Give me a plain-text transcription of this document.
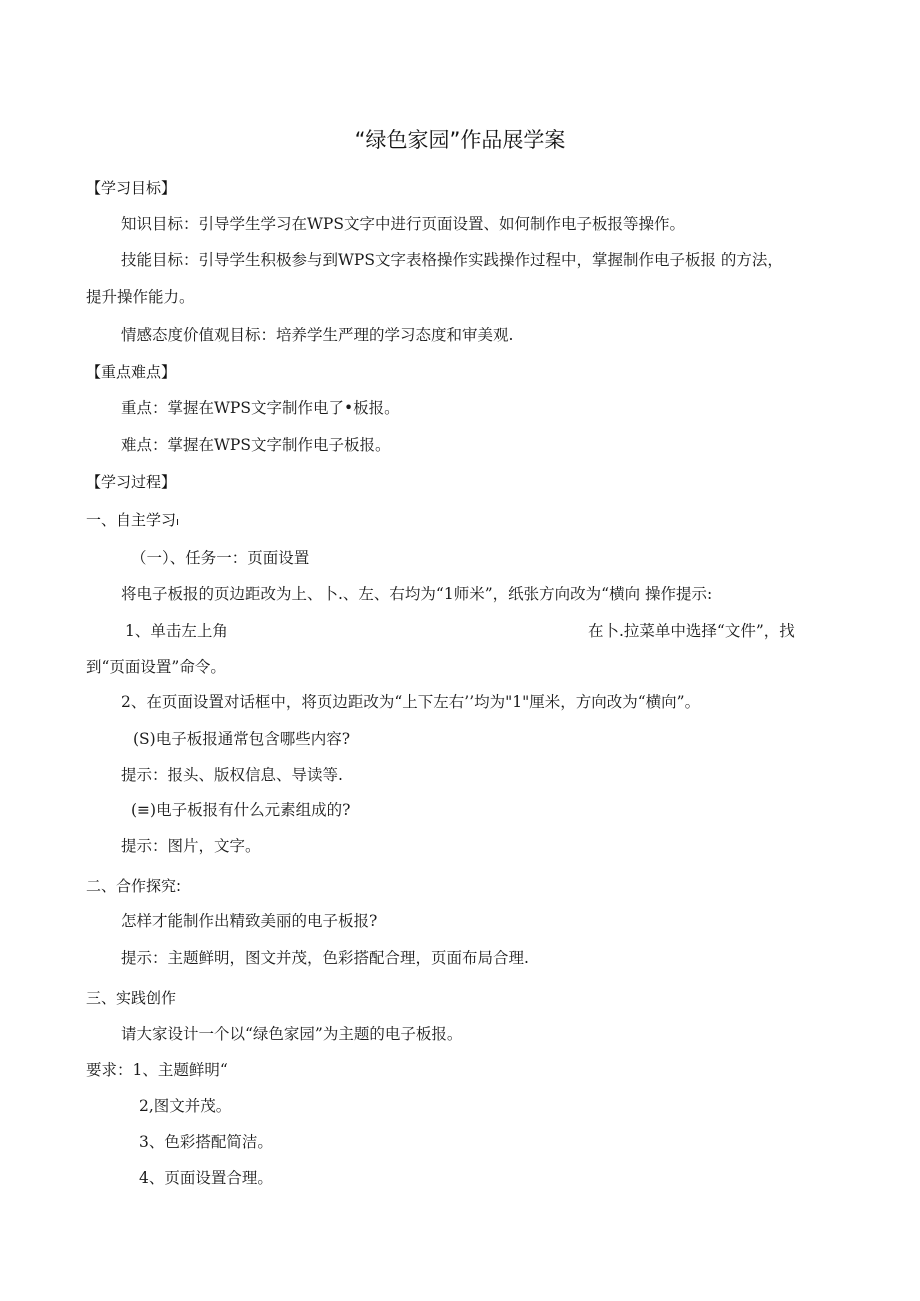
“绿色家园”作品展学案
【学习目标】
知识目标：引导学生学习在WPS文字中进行页面设置、如何制作电子板报等操作。
技能目标：引导学生积极参与到WPS文字表格操作实践操作过程中，掌握制作电子板报 的方法，
提升操作能力。
情感态度价值观目标：培养学生严理的学习态度和审美观.
【重点难点】
重点：掌握在WPS文字制作电了•板报。
难点：掌握在WPS文字制作电子板报。
【学习过程】
一、自主学习ı
（一）、任务一：页面设置
将电子板报的页边距改为上、卜.、左、右均为“1师米”，纸张方向改为“横向 操作提示:
1、单击左上角	在卜.拉菜单中选择“文件”，找
到“页面设置”命令。
2、在页面设置对话框中，将页边距改为“上下左右’’均为"1"厘米，方向改为“横向”。
(S)电子板报通常包含哪些内容?
提示：报头、版权信息、导读等.
(≡)电子板报有什么元素组成的?
提示：图片，文字。
二、合作探究:
怎样才能制作出精致美丽的电子板报?
提示：主题鲜明，图文并茂，色彩搭配合理，页面布局合理.
三、实践创作
请大家设计一个以“绿色家园”为主题的电子板报。
要求：1、主题鲜明“
2,图文并茂。
3、色彩搭配简洁。
4、页面设置合理。
